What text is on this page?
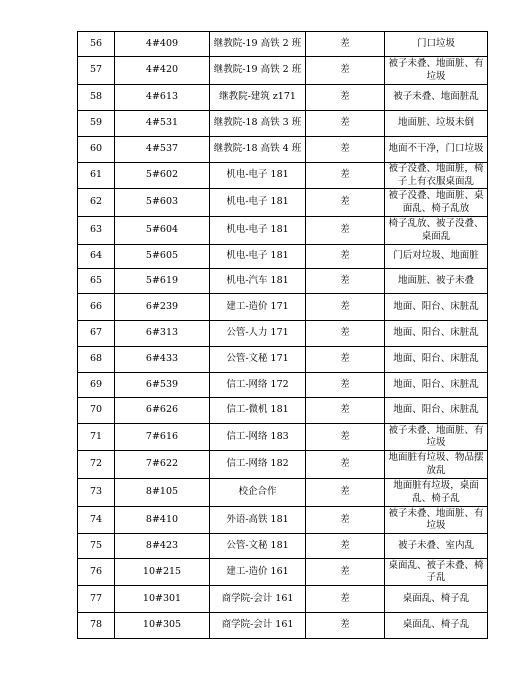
56	4#409	继教院-19 高铁 2 班	差	门口垃圾
57	4#420	继教院-19 高铁 2 班	差	被子未叠、地面脏、有垃圾
58	4#613	继教院-建筑 z171	差	被子未叠、地面脏乱
59	4#531	继教院-18 高铁 3 班	差	地面脏、垃圾未倒
60	4#537	继教院-18 高铁 4 班	差	地面不干净，门口垃圾
61	5#602	机电-电子 181	差	被子没叠、地面脏，椅子上有衣服桌面乱
62	5#603	机电-电子 181	差	被子没叠、地面脏、桌面乱、椅子乱放
63	5#604	机电-电子 181	差	椅子乱放、被子没叠、桌面乱
64	5#605	机电-电子 181	差	门后对垃圾、地面脏
65	5#619	机电-汽车 181	差	地面脏、被子未叠
66	6#239	建工-造价 171	差	地面、阳台、床脏乱
67	6#313	公管-人力 171	差	地面、阳台、床脏乱
68	6#433	公管-文秘 171	差	地面、阳台、床脏乱
69	6#539	信工-网络 172	差	地面、阳台、床脏乱
70	6#626	信工-微机 181	差	地面、阳台、床脏乱
71	7#616	信工-网络 183	差	被子未叠、地面脏、有垃圾
72	7#622	信工-网络 182	差	地面脏有垃圾、物品摆放乱
73	8#105	校企合作	差	地面脏有垃圾，桌面乱、椅子乱
74	8#410	外语-高铁 181	差	被子未叠、地面脏、有垃圾
75	8#423	公管-文秘 181	差	被子未叠、室内乱
76	10#215	建工-造价 161	差	桌面乱、被子未叠、椅子乱
77	10#301	商学院-会计 161	差	桌面乱、椅子乱
78	10#305	商学院-会计 161	差	桌面乱、椅子乱
